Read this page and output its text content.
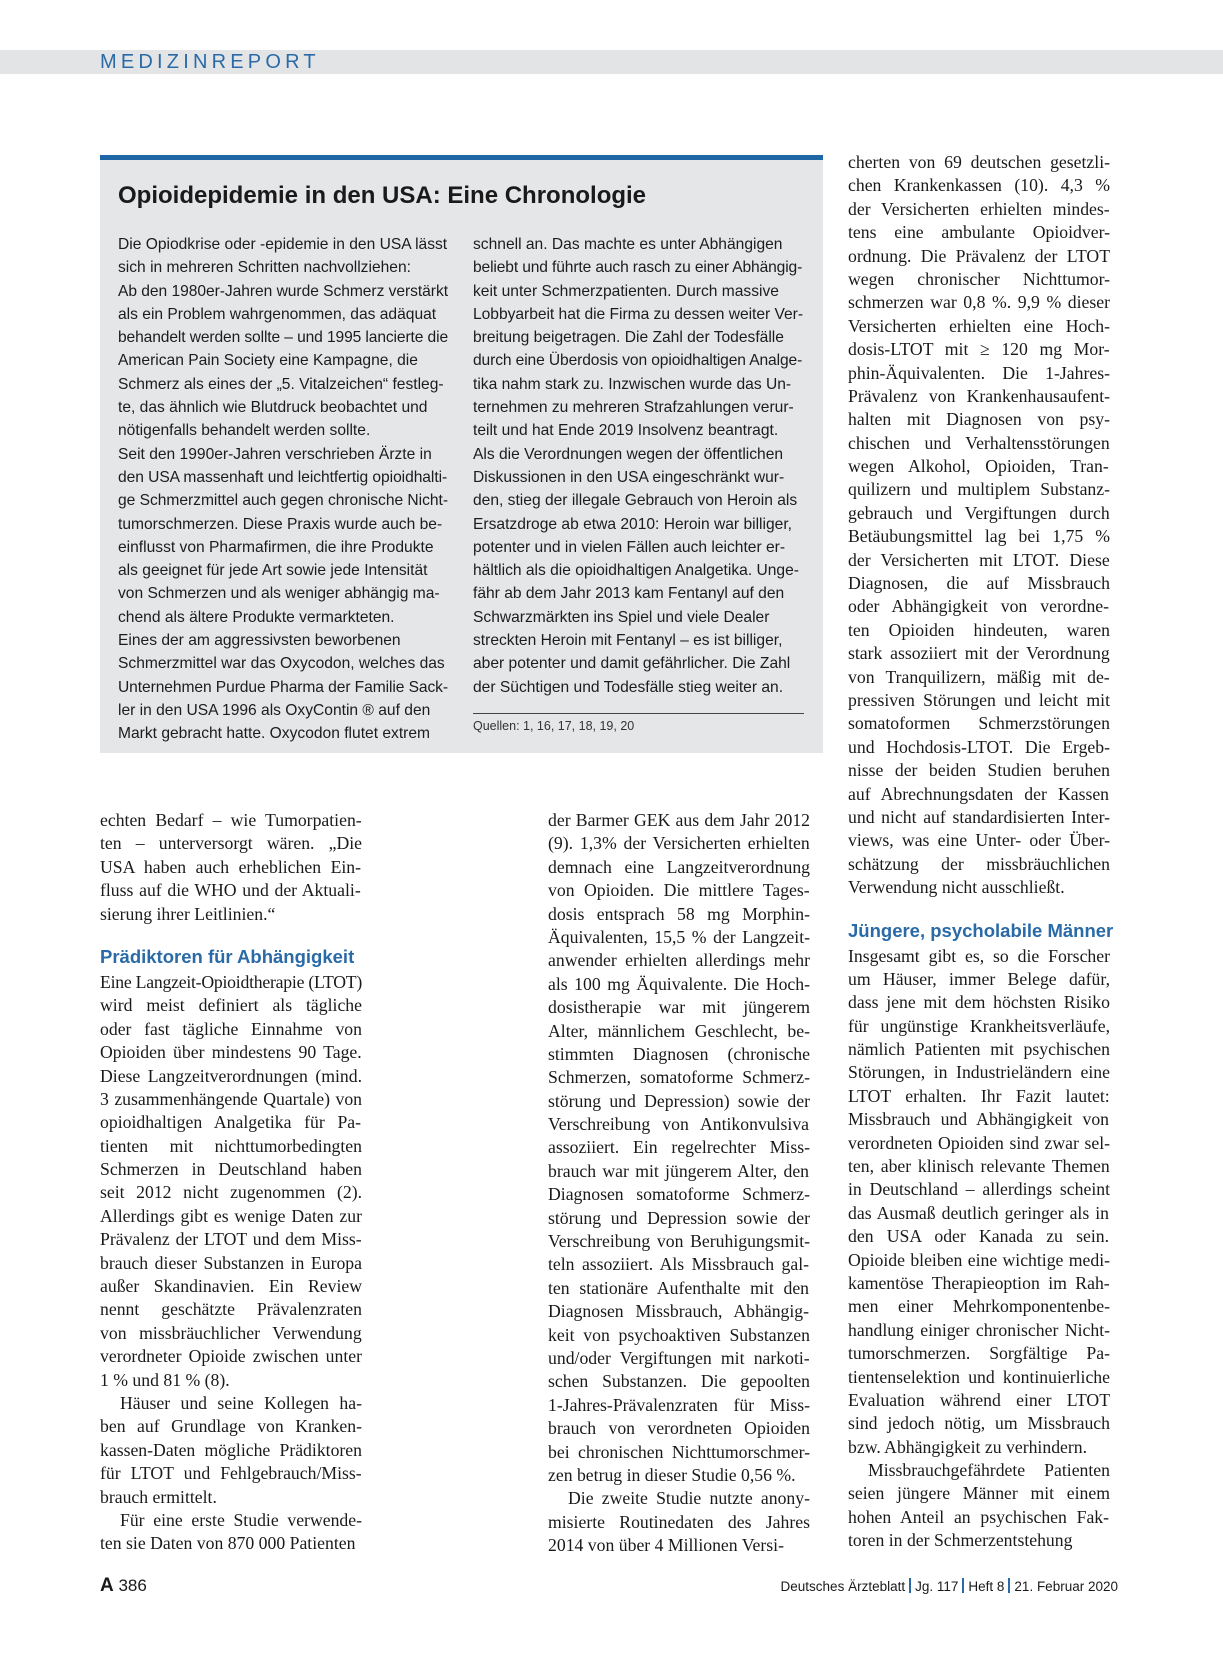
MEDIZINREPORT
Opioidepidemie in den USA: Eine Chronologie
Die Opiodkrise oder -epidemie in den USA lässt
sich in mehreren Schritten nachvollziehen:
Ab den 1980er-Jahren wurde Schmerz verstärkt
als ein Problem wahrgenommen, das adäquat
behandelt werden sollte – und 1995 lancierte die
American Pain Society eine Kampagne, die
Schmerz als eines der „5. Vitalzeichen“ festleg-
te, das ähnlich wie Blutdruck beobachtet und
nötigenfalls behandelt werden sollte.
Seit den 1990er-Jahren verschrieben Ärzte in
den USA massenhaft und leichtfertig opioidhalti-
ge Schmerzmittel auch gegen chronische Nicht-
tumorschmerzen. Diese Praxis wurde auch be-
einflusst von Pharmafirmen, die ihre Produkte
als geeignet für jede Art sowie jede Intensität
von Schmerzen und als weniger abhängig ma-
chend als ältere Produkte vermarkteten.
Eines der am aggressivsten beworbenen
Schmerzmittel war das Oxycodon, welches das
Unternehmen Purdue Pharma der Familie Sack-
ler in den USA 1996 als OxyContin ® auf den
Markt gebracht hatte. Oxycodon flutet extrem
schnell an. Das machte es unter Abhängigen
beliebt und führte auch rasch zu einer Abhängig-
keit unter Schmerzpatienten. Durch massive
Lobbyarbeit hat die Firma zu dessen weiter Ver-
breitung beigetragen. Die Zahl der Todesfälle
durch eine Überdosis von opioidhaltigen Analge-
tika nahm stark zu. Inzwischen wurde das Un-
ternehmen zu mehreren Strafzahlungen verur-
teilt und hat Ende 2019 Insolvenz beantragt.
Als die Verordnungen wegen der öffentlichen
Diskussionen in den USA eingeschränkt wur-
den, stieg der illegale Gebrauch von Heroin als
Ersatzdroge ab etwa 2010: Heroin war billiger,
potenter und in vielen Fällen auch leichter er-
hältlich als die opioidhaltigen Analgetika. Unge-
fähr ab dem Jahr 2013 kam Fentanyl auf den
Schwarzmärkten ins Spiel und viele Dealer
streckten Heroin mit Fentanyl – es ist billiger,
aber potenter und damit gefährlicher. Die Zahl
der Süchtigen und Todesfälle stieg weiter an.
Quellen: 1, 16, 17, 18, 19, 20
echten Bedarf – wie Tumorpatien-
ten – unterversorgt wären. „Die
USA haben auch erheblichen Ein-
fluss auf die WHO und der Aktuali-
sierung ihrer Leitlinien.“
Prädiktoren für Abhängigkeit
Eine Langzeit-Opioidtherapie (LTOT)
wird meist definiert als tägliche
oder fast tägliche Einnahme von
Opioiden über mindestens 90 Tage.
Diese Langzeitverordnungen (mind.
3 zusammenhängende Quartale) von
opioidhaltigen Analgetika für Pa-
tienten mit nichttumorbedingten
Schmerzen in Deutschland haben
seit 2012 nicht zugenommen (2).
Allerdings gibt es wenige Daten zur
Prävalenz der LTOT und dem Miss-
brauch dieser Substanzen in Europa
außer Skandinavien. Ein Review
nennt geschätzte Prävalenzraten
von missbräuchlicher Verwendung
verordneter Opioide zwischen unter
1 % und 81 % (8).
Häuser und seine Kollegen ha-
ben auf Grundlage von Kranken-
kassen-Daten mögliche Prädiktoren
für LTOT und Fehlgebrauch/Miss-
brauch ermittelt.
Für eine erste Studie verwende-
ten sie Daten von 870 000 Patienten
der Barmer GEK aus dem Jahr 2012
(9). 1,3% der Versicherten erhielten
demnach eine Langzeitverordnung
von Opioiden. Die mittlere Tages-
dosis entsprach 58 mg Morphin-
Äquivalenten, 15,5 % der Langzeit-
anwender erhielten allerdings mehr
als 100 mg Äquivalente. Die Hoch-
dosistherapie war mit jüngerem
Alter, männlichem Geschlecht, be-
stimmten Diagnosen (chronische
Schmerzen, somatoforme Schmerz-
störung und Depression) sowie der
Verschreibung von Antikonvulsiva
assoziiert. Ein regelrechter Miss-
brauch war mit jüngerem Alter, den
Diagnosen somatoforme Schmerz-
störung und Depression sowie der
Verschreibung von Beruhigungsmit-
teln assoziiert. Als Missbrauch gal-
ten stationäre Aufenthalte mit den
Diagnosen Missbrauch, Abhängig-
keit von psychoaktiven Substanzen
und/oder Vergiftungen mit narkoti-
schen Substanzen. Die gepoolten
1-Jahres-Prävalenzraten für Miss-
brauch von verordneten Opioiden
bei chronischen Nichttumorschmer-
zen betrug in dieser Studie 0,56 %.
Die zweite Studie nutzte anony-
misierte Routinedaten des Jahres
2014 von über 4 Millionen Versi-
cherten von 69 deutschen gesetzli-
chen Krankenkassen (10). 4,3 %
der Versicherten erhielten mindes-
tens eine ambulante Opioidver-
ordnung. Die Prävalenz der LTOT
wegen chronischer Nichttumor-
schmerzen war 0,8 %. 9,9 % dieser
Versicherten erhielten eine Hoch-
dosis-LTOT mit ≥ 120 mg Mor-
phin-Äquivalenten. Die 1-Jahres-
Prävalenz von Krankenhausaufent-
halten mit Diagnosen von psy-
chischen und Verhaltensstörungen
wegen Alkohol, Opioiden, Tran-
quilizern und multiplem Substanz-
gebrauch und Vergiftungen durch
Betäubungsmittel lag bei 1,75 %
der Versicherten mit LTOT. Diese
Diagnosen, die auf Missbrauch
oder Abhängigkeit von verordne-
ten Opioiden hindeuten, waren
stark assoziiert mit der Verordnung
von Tranquilizern, mäßig mit de-
pressiven Störungen und leicht mit
somatoformen Schmerzstörungen
und Hochdosis-LTOT. Die Ergeb-
nisse der beiden Studien beruhen
auf Abrechnungsdaten der Kassen
und nicht auf standardisierten Inter-
views, was eine Unter- oder Über-
schätzung der missbräuchlichen
Verwendung nicht ausschließt.
Jüngere, psycholabile Männer
Insgesamt gibt es, so die Forscher
um Häuser, immer Belege dafür,
dass jene mit dem höchsten Risiko
für ungünstige Krankheitsverläufe,
nämlich Patienten mit psychischen
Störungen, in Industrieländern eine
LTOT erhalten. Ihr Fazit lautet:
Missbrauch und Abhängigkeit von
verordneten Opioiden sind zwar sel-
ten, aber klinisch relevante Themen
in Deutschland – allerdings scheint
das Ausmaß deutlich geringer als in
den USA oder Kanada zu sein.
Opioide bleiben eine wichtige medi-
kamentöse Therapieoption im Rah-
men einer Mehrkomponentenbe-
handlung einiger chronischer Nicht-
tumorschmerzen. Sorgfältige Pa-
tientenselektion und kontinuierliche
Evaluation während einer LTOT
sind jedoch nötig, um Missbrauch
bzw. Abhängigkeit zu verhindern.
Missbrauchgefährdete Patienten
seien jüngere Männer mit einem
hohen Anteil an psychischen Fak-
toren in der Schmerzentstehung
A 386	Deutsches Ärzteblatt Jg. 117 Heft 8 21. Februar 2020
